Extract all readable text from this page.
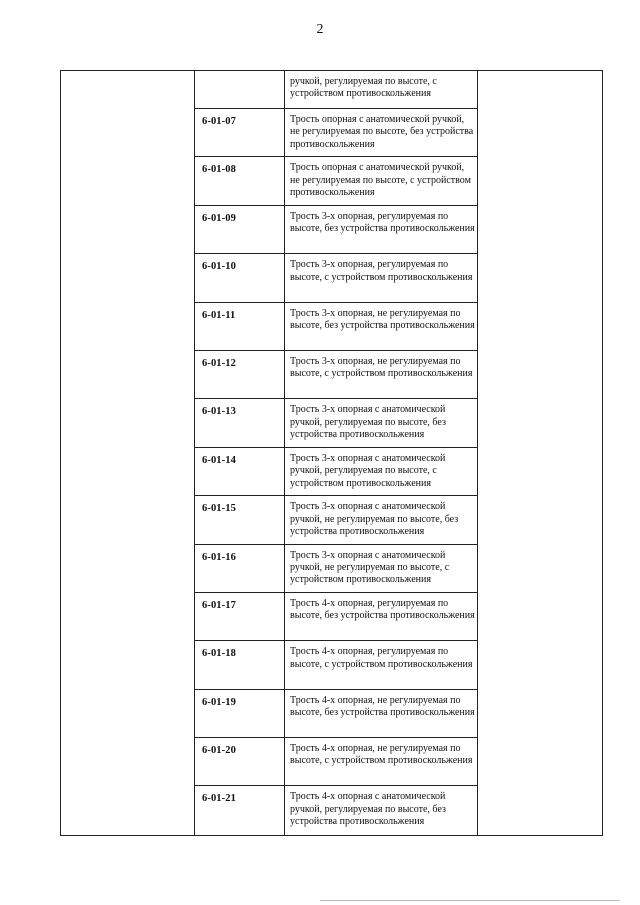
2
ручкой, регулируемая по высоте, с устройством противоскольжения
6-01-07	Трость опорная с анатомической ручкой, не регулируемая по высоте, без устройства противоскольжения
6-01-08	Трость опорная с анатомической ручкой, не регулируемая по высоте, с устройством противоскольжения
6-01-09	Трость 3-х опорная, регулируемая по высоте, без устройства противоскольжения
6-01-10	Трость 3-х опорная, регулируемая по высоте, с устройством противоскольжения
6-01-11	Трость 3-х опорная, не регулируемая по высоте, без устройства противоскольжения
6-01-12	Трость 3-х опорная, не регулируемая по высоте, с устройством противоскольжения
6-01-13	Трость 3-х опорная с анатомической ручкой, регулируемая по высоте, без устройства противоскольжения
6-01-14	Трость 3-х опорная с анатомической ручкой, регулируемая по высоте, с устройством противоскольжения
6-01-15	Трость 3-х опорная с анатомической ручкой, не регулируемая по высоте, без устройства противоскольжения
6-01-16	Трость 3-х опорная с анатомической ручкой, не регулируемая по высоте, с устройством противоскольжения
6-01-17	Трость 4-х опорная, регулируемая по высоте, без устройства противоскольжения
6-01-18	Трость 4-х опорная, регулируемая по высоте, с устройством противоскольжения
6-01-19	Трость 4-х опорная, не регулируемая по высоте, без устройства противоскольжения
6-01-20	Трость 4-х опорная, не регулируемая по высоте, с устройством противоскольжения
6-01-21	Трость 4-х опорная с анатомической ручкой, регулируемая по высоте, без устройства противоскольжения
